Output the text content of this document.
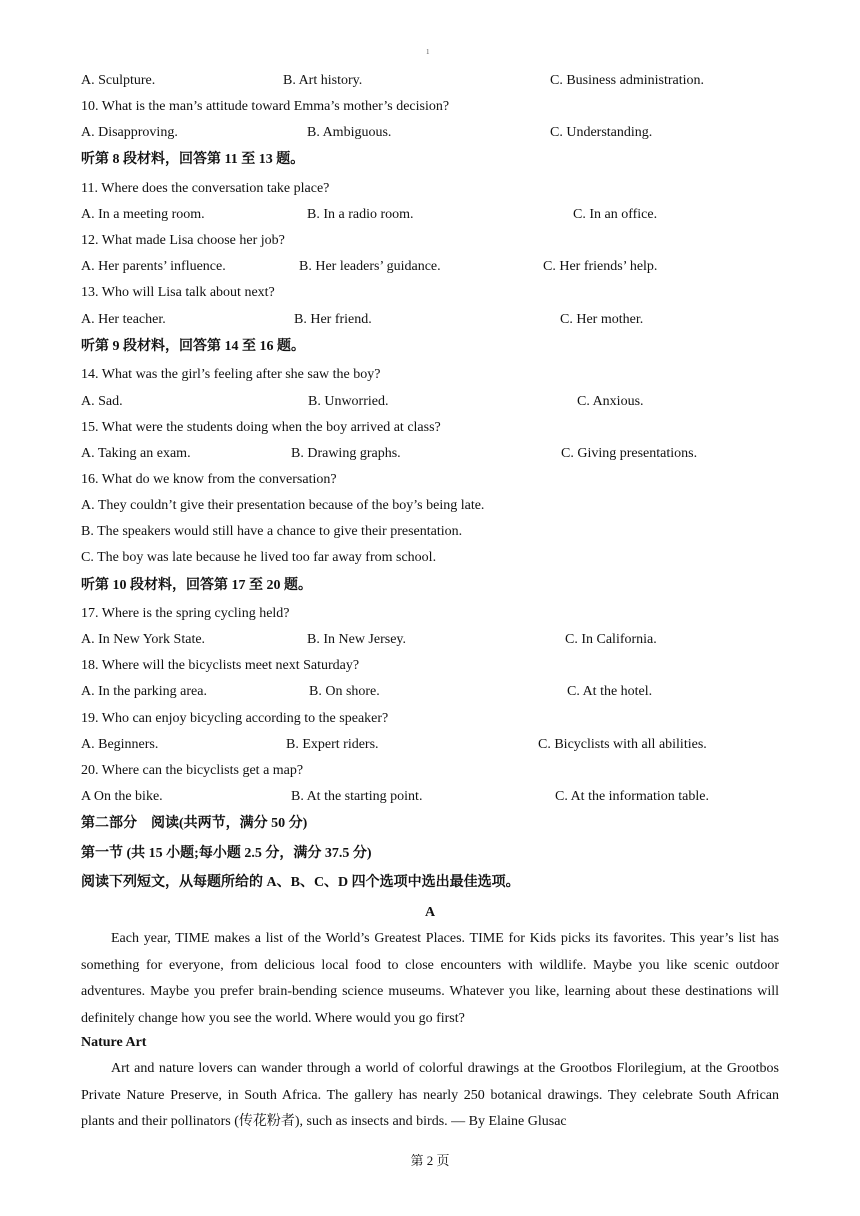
1
A. Sculpture.	B. Art history.	C. Business administration.
10. What is the man’s attitude toward Emma’s mother’s decision?
A. Disapproving.	B. Ambiguous.	C. Understanding.
听第 8 段材料，回答第 11 至 13 题。
11. Where does the conversation take place?
A. In a meeting room.	B. In a radio room.	C. In an office.
12. What made Lisa choose her job?
A. Her parents’ influence.	B. Her leaders’ guidance.	C. Her friends’ help.
13. Who will Lisa talk about next?
A. Her teacher.	B. Her friend.	C. Her mother.
听第 9 段材料，回答第 14 至 16 题。
14. What was the girl’s feeling after she saw the boy?
A. Sad.	B. Unworried.	C. Anxious.
15. What were the students doing when the boy arrived at class?
A. Taking an exam.	B. Drawing graphs.	C. Giving presentations.
16. What do we know from the conversation?
A. They couldn’t give their presentation because of the boy’s being late.
B. The speakers would still have a chance to give their presentation.
C. The boy was late because he lived too far away from school.
听第 10 段材料，回答第 17 至 20 题。
17. Where is the spring cycling held?
A. In New York State.	B. In New Jersey.	C. In California.
18. Where will the bicyclists meet next Saturday?
A. In the parking area.	B. On shore.	C. At the hotel.
19. Who can enjoy bicycling according to the speaker?
A. Beginners.	B. Expert riders.	C. Bicyclists with all abilities.
20. Where can the bicyclists get a map?
A On the bike.	B. At the starting point.	C. At the information table.
第二部分　阅读(共两节，满分 50 分)
第一节 (共 15 小题;每小题 2.5 分，满分 37.5 分)
阅读下列短文，从每题所给的 A、B、C、D 四个选项中选出最佳选项。
A
Each year, TIME makes a list of the World’s Greatest Places. TIME for Kids picks its favorites. This year’s list has something for everyone, from delicious local food to close encounters with wildlife. Maybe you like scenic outdoor adventures. Maybe you prefer brain-bending science museums. Whatever you like, learning about these destinations will definitely change how you see the world. Where would you go first?
Nature Art
Art and nature lovers can wander through a world of colorful drawings at the Grootbos Florilegium, at the Grootbos Private Nature Preserve, in South Africa. The gallery has nearly 250 botanical drawings. They celebrate South African plants and their pollinators (传花粉者), such as insects and birds. — By Elaine Glusac
第 2 页
